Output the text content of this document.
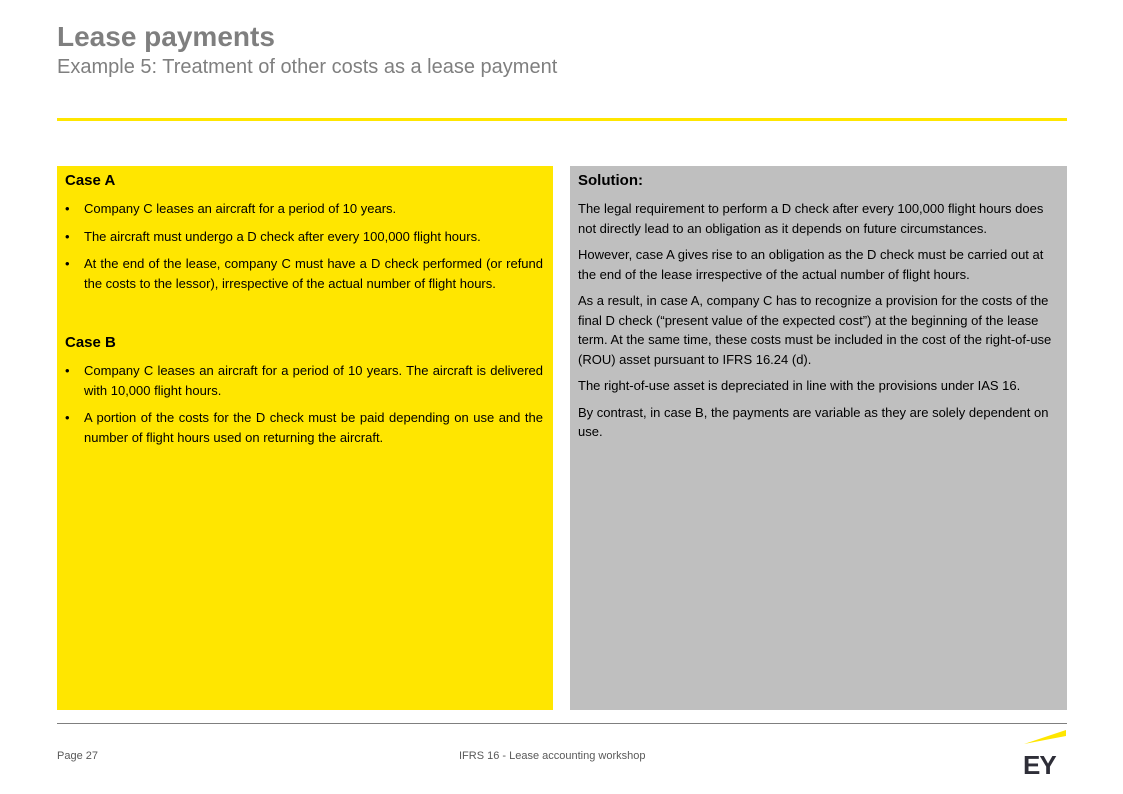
Lease payments
Example 5: Treatment of other costs as a lease payment
Case A
• Company C leases an aircraft for a period of 10 years.
• The aircraft must undergo a D check after every 100,000 flight hours.
• At the end of the lease, company C must have a D check performed (or refund the costs to the lessor), irrespective of the actual number of flight hours.
Case B
• Company C leases an aircraft for a period of 10 years. The aircraft is delivered with 10,000 flight hours.
• A portion of the costs for the D check must be paid depending on use and the number of flight hours used on returning the aircraft.
Solution:

The legal requirement to perform a D check after every 100,000 flight hours does not directly lead to an obligation as it depends on future circumstances.

However, case A gives rise to an obligation as the D check must be carried out at the end of the lease irrespective of the actual number of flight hours.

As a result, in case A, company C has to recognize a provision for the costs of the final D check (“present value of the expected cost”) at the beginning of the lease term. At the same time, these costs must be included in the cost of the right-of-use (ROU) asset pursuant to IFRS 16.24 (d).

The right-of-use asset is depreciated in line with the provisions under IAS 16.

By contrast, in case B, the payments are variable as they are solely dependent on use.

Page 27	IFRS 16 - Lease accounting workshop	EY
